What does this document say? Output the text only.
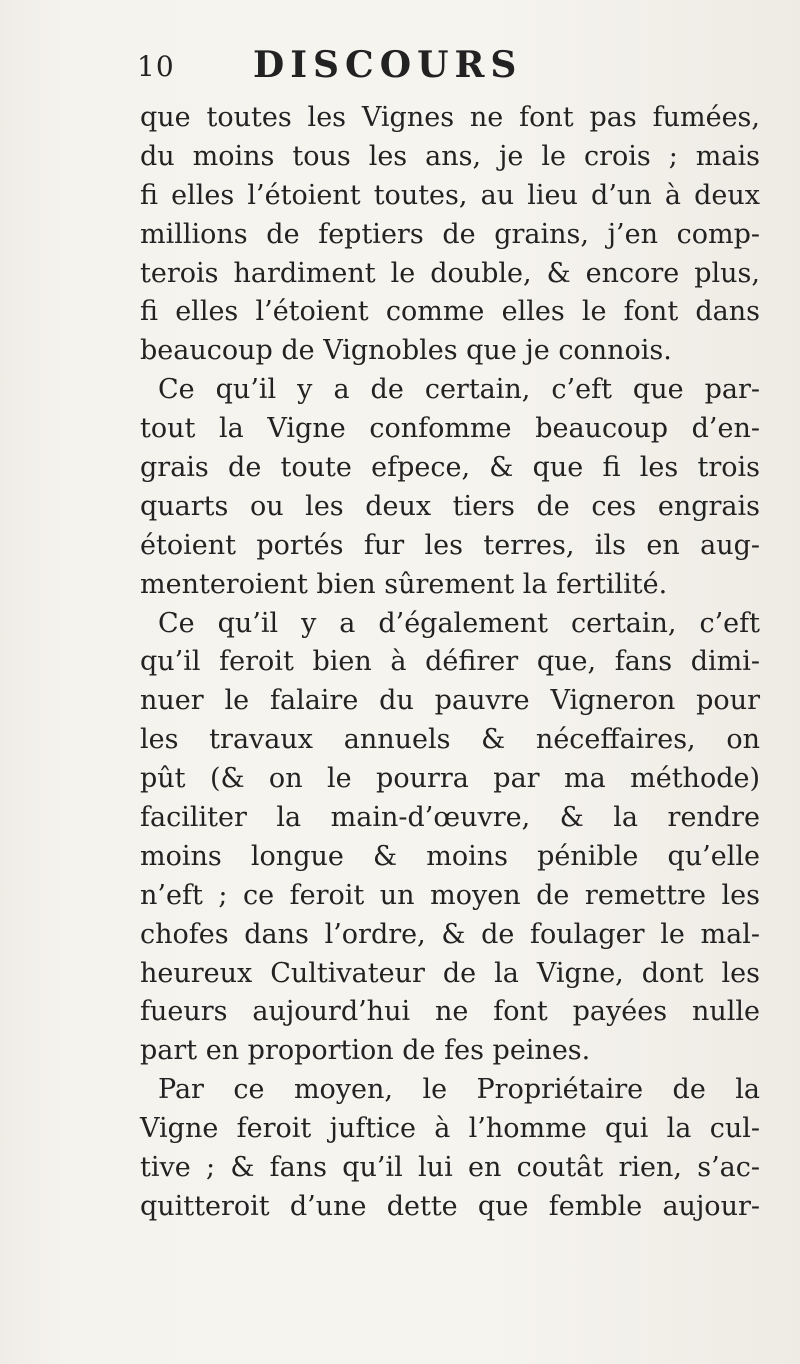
10 DISCOURS
que toutes les Vignes ne font pas fumées,
du moins tous les ans, je le crois ; mais
fi elles l’étoient toutes, au lieu d’un à deux
millions de feptiers de grains, j’en comp-
terois hardiment le double, & encore plus,
fi elles l’étoient comme elles le font dans
beaucoup de Vignobles que je connois.
Ce qu’il y a de certain, c’eft que par-
tout la Vigne confomme beaucoup d’en-
grais de toute efpece, & que fi les trois
quarts ou les deux tiers de ces engrais
étoient portés fur les terres, ils en aug-
menteroient bien sûrement la fertilité.
Ce qu’il y a d’également certain, c’eft
qu’il feroit bien à défirer que, fans dimi-
nuer le falaire du pauvre Vigneron pour
les travaux annuels & néceffaires, on
pût (& on le pourra par ma méthode)
faciliter la main-d’œuvre, & la rendre
moins longue & moins pénible qu’elle
n’eft ; ce feroit un moyen de remettre les
chofes dans l’ordre, & de foulager le mal-
heureux Cultivateur de la Vigne, dont les
fueurs aujourd’hui ne font payées nulle
part en proportion de fes peines.
Par ce moyen, le Propriétaire de la
Vigne feroit juftice à l’homme qui la cul-
tive ; & fans qu’il lui en coutât rien, s’ac-
quitteroit d’une dette que femble aujour-
